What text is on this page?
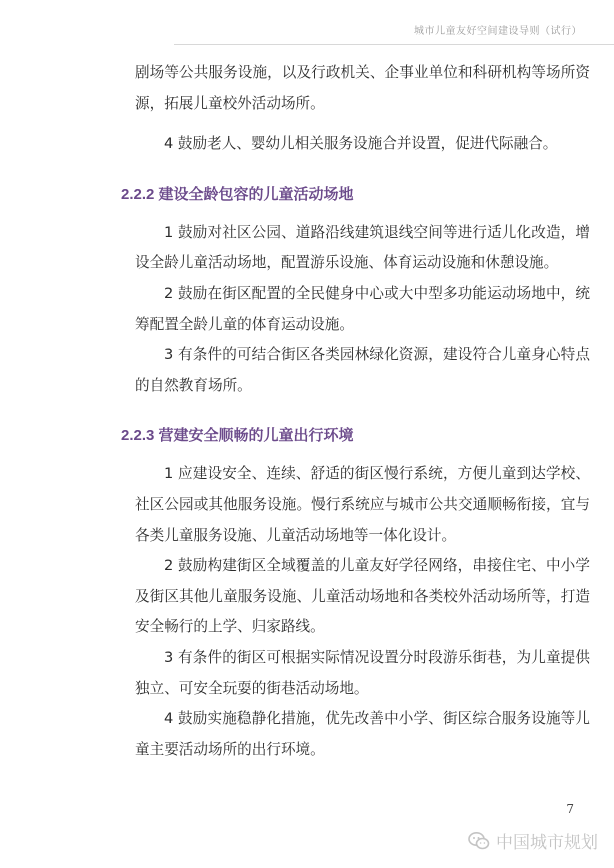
城市儿童友好空间建设导则（试行）

剧场等公共服务设施，以及行政机关、企事业单位和科研机构等场所资源，拓展儿童校外活动场所。

4 鼓励老人、婴幼儿相关服务设施合并设置，促进代际融合。

2.2.2 建设全龄包容的儿童活动场地

1 鼓励对社区公园、道路沿线建筑退线空间等进行适儿化改造，增设全龄儿童活动场地，配置游乐设施、体育运动设施和休憩设施。

2 鼓励在街区配置的全民健身中心或大中型多功能运动场地中，统筹配置全龄儿童的体育运动设施。

3 有条件的可结合街区各类园林绿化资源，建设符合儿童身心特点的自然教育场所。

2.2.3 营建安全顺畅的儿童出行环境

1 应建设安全、连续、舒适的街区慢行系统，方便儿童到达学校、社区公园或其他服务设施。慢行系统应与城市公共交通顺畅衔接，宜与各类儿童服务设施、儿童活动场地等一体化设计。

2 鼓励构建街区全域覆盖的儿童友好学径网络，串接住宅、中小学及街区其他儿童服务设施、儿童活动场地和各类校外活动场所等，打造安全畅行的上学、归家路线。

3 有条件的街区可根据实际情况设置分时段游乐街巷，为儿童提供独立、可安全玩耍的街巷活动场地。

4 鼓励实施稳静化措施，优先改善中小学、街区综合服务设施等儿童主要活动场所的出行环境。

7
中国城市规划
